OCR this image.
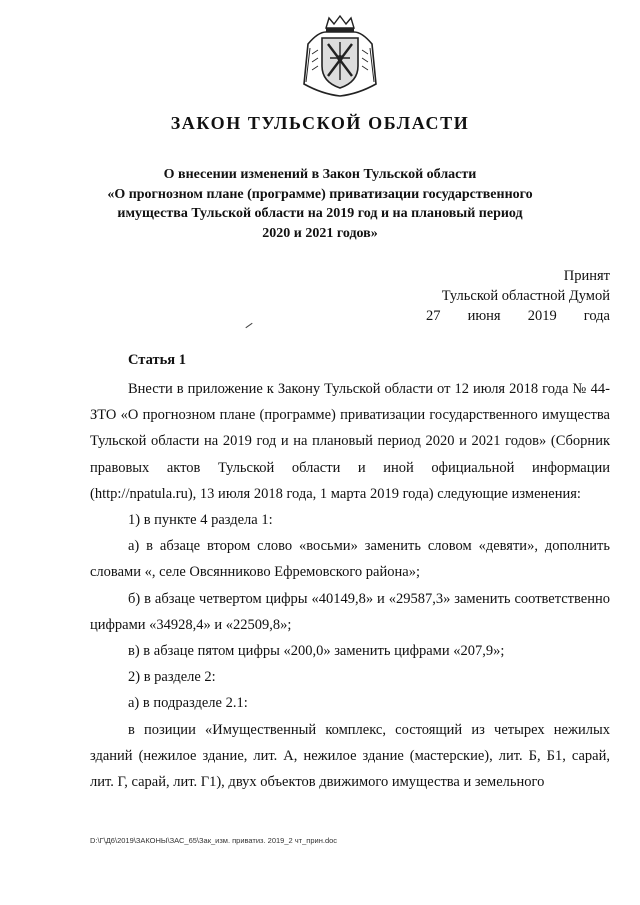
ЗАКОН ТУЛЬСКОЙ ОБЛАСТИ
О внесении изменений в Закон Тульской области
«О прогнозном плане (программе) приватизации государственного
имущества Тульской области на 2019 год и на плановый период
2020 и 2021 годов»
Принят
Тульской областной Думой
27 июня 2019 года
Статья 1

Внести в приложение к Закону Тульской области от 12 июля 2018 года № 44-ЗТО «О прогнозном плане (программе) приватизации государственного имущества Тульской области на 2019 год и на плановый период 2020 и 2021 годов» (Сборник правовых актов Тульской области и иной официальной информации (http://npatula.ru), 13 июля 2018 года, 1 марта 2019 года) следующие изменения:

1) в пункте 4 раздела 1:

а) в абзаце втором слово «восьми» заменить словом «девяти», дополнить словами «, селе Овсянниково Ефремовского района»;

б) в абзаце четвертом цифры «40149,8» и «29587,3» заменить соответственно цифрами «34928,4» и «22509,8»;

в) в абзаце пятом цифры «200,0» заменить цифрами «207,9»;

2) в разделе 2:

а) в подразделе 2.1:

в позиции «Имущественный комплекс, состоящий из четырех нежилых зданий (нежилое здание, лит. А, нежилое здание (мастерские), лит. Б, Б1, сарай, лит. Г, сарай, лит. Г1), двух объектов движимого имущества и земельного

D:\Г\Д6\2019\ЗАКОНЫ\ЗАС_65\Зак_изм. приватиз. 2019_2 чт_прин.doc
